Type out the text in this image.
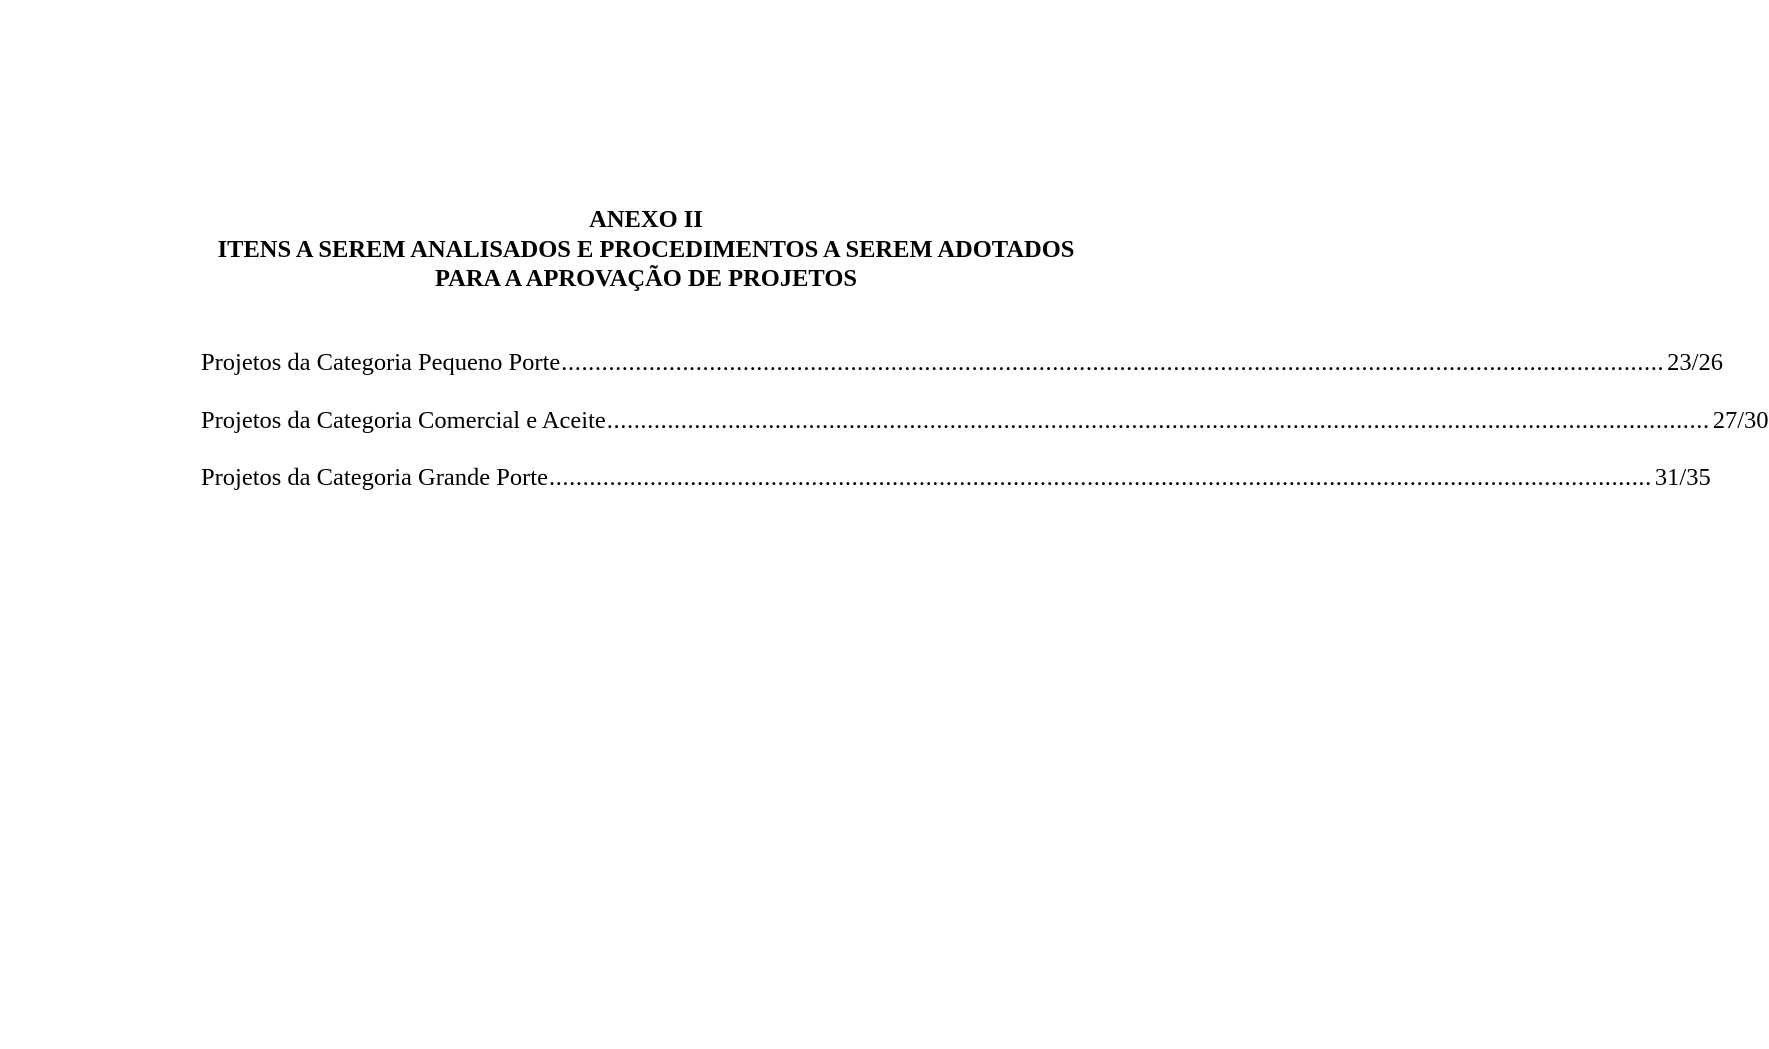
ANEXO II
ITENS A SEREM ANALISADOS E PROCEDIMENTOS A SEREM ADOTADOS
PARA A APROVAÇÃO DE PROJETOS
Projetos da Categoria Pequeno Porte .................................................................................................................................................................... 23/26
Projetos da Categoria Comercial e Aceite .................................................................................................................................................................... 27/30
Projetos da Categoria Grande Porte .................................................................................................................................................................... 31/35
